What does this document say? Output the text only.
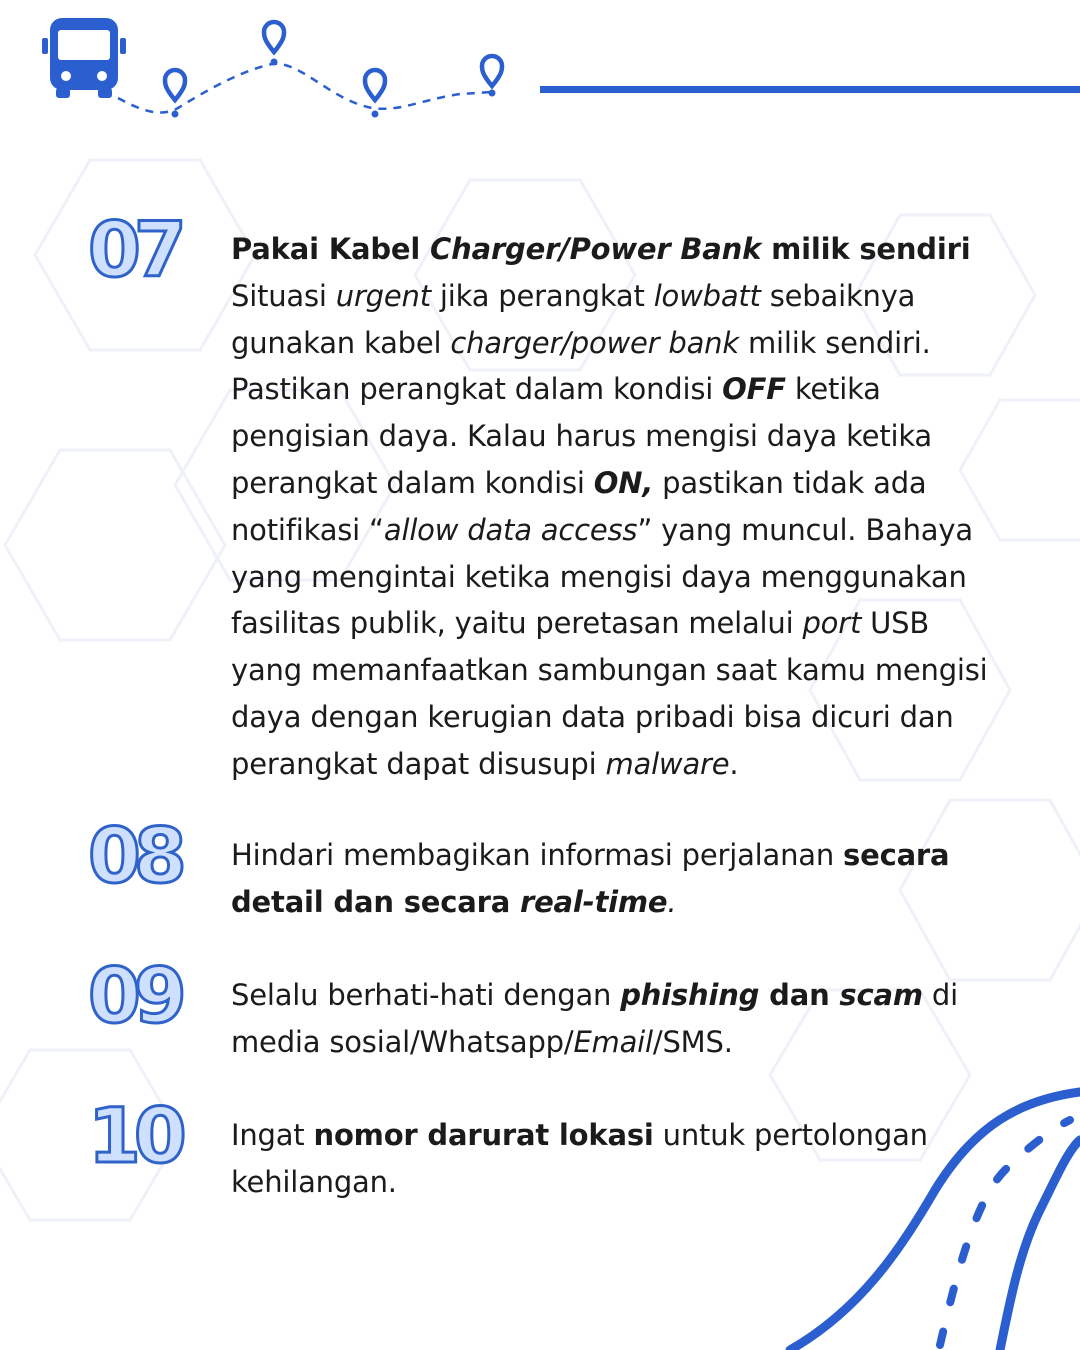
07 Pakai Kabel Charger/Power Bank milik sendiri
Situasi urgent jika perangkat lowbatt sebaiknya gunakan kabel charger/power bank milik sendiri. Pastikan perangkat dalam kondisi OFF ketika pengisian daya. Kalau harus mengisi daya ketika perangkat dalam kondisi ON, pastikan tidak ada notifikasi “allow data access” yang muncul. Bahaya yang mengintai ketika mengisi daya menggunakan fasilitas publik, yaitu peretasan melalui port USB yang memanfaatkan sambungan saat kamu mengisi daya dengan kerugian data pribadi bisa dicuri dan perangkat dapat disusupi malware.
08 Hindari membagikan informasi perjalanan secara detail dan secara real-time.
09 Selalu berhati-hati dengan phishing dan scam di media sosial/Whatsapp/Email/SMS.
10 Ingat nomor darurat lokasi untuk pertolongan kehilangan.
